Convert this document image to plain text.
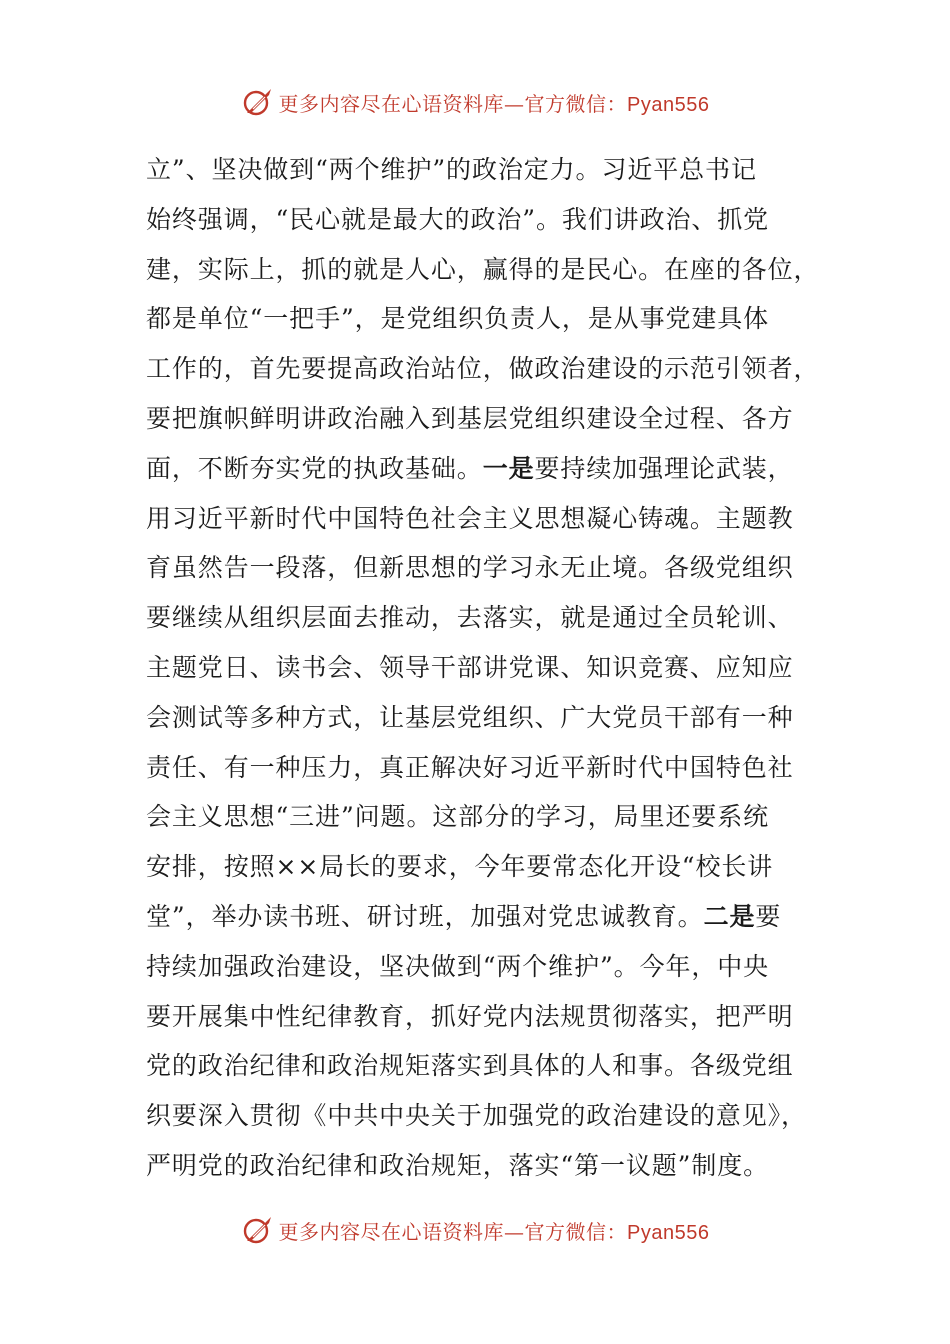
更多内容尽在心语资料库—官方微信：Pyan556
立”、坚决做到“两个维护”的政治定力。习近平总书记
始终强调，“民心就是最大的政治”。我们讲政治、抓党
建，实际上，抓的就是人心，赢得的是民心。在座的各位，
都是单位“一把手”，是党组织负责人，是从事党建具体
工作的，首先要提高政治站位，做政治建设的示范引领者，
要把旗帜鲜明讲政治融入到基层党组织建设全过程、各方
面，不断夯实党的执政基础。一是要持续加强理论武装，
用习近平新时代中国特色社会主义思想凝心铸魂。主题教
育虽然告一段落，但新思想的学习永无止境。各级党组织
要继续从组织层面去推动，去落实，就是通过全员轮训、
主题党日、读书会、领导干部讲党课、知识竞赛、应知应
会测试等多种方式，让基层党组织、广大党员干部有一种
责任、有一种压力，真正解决好习近平新时代中国特色社
会主义思想“三进”问题。这部分的学习，局里还要系统
安排，按照××局长的要求，今年要常态化开设“校长讲
堂”，举办读书班、研讨班，加强对党忠诚教育。二是要
持续加强政治建设，坚决做到“两个维护”。今年，中央
要开展集中性纪律教育，抓好党内法规贯彻落实，把严明
党的政治纪律和政治规矩落实到具体的人和事。各级党组
织要深入贯彻《中共中央关于加强党的政治建设的意见》，
严明党的政治纪律和政治规矩，落实“第一议题”制度。
更多内容尽在心语资料库—官方微信：Pyan556
